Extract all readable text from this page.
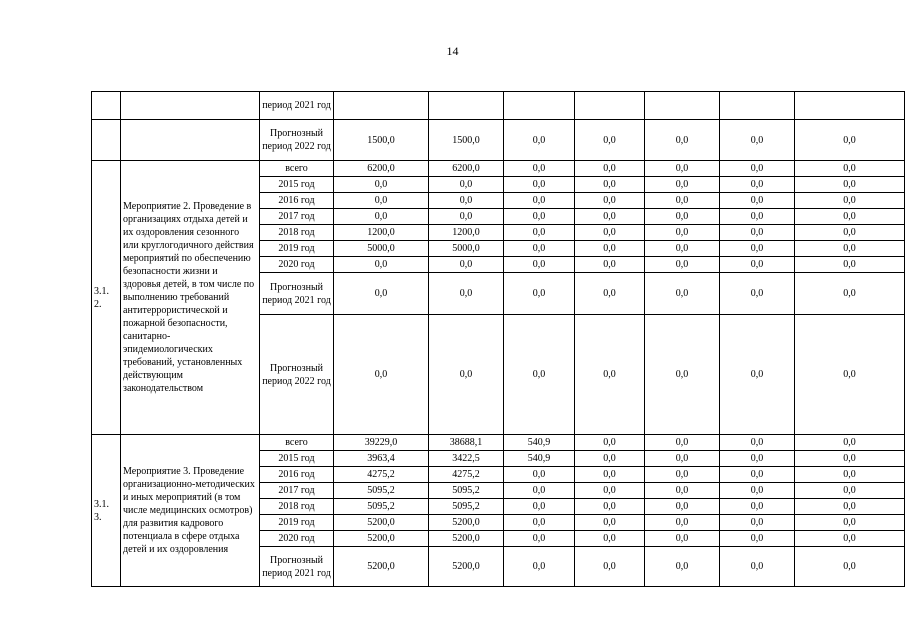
14
		период 2021 год							
		Прогнозный период 2022 год	1500,0	1500,0	0,0	0,0	0,0	0,0	0,0
3.1. 2.	Мероприятие 2. Проведение в организациях отдыха детей и их оздоровления сезонного или круглогодичного действия мероприятий по обеспечению безопасности жизни и здоровья детей, в том числе по выполнению требований антитеррористической и пожарной безопасности, санитарно-эпидемиологических требований, установленных действующим законодательством	всего	6200,0	6200,0	0,0	0,0	0,0	0,0	0,0
		2015 год	0,0	0,0	0,0	0,0	0,0	0,0	0,0
		2016 год	0,0	0,0	0,0	0,0	0,0	0,0	0,0
		2017 год	0,0	0,0	0,0	0,0	0,0	0,0	0,0
		2018 год	1200,0	1200,0	0,0	0,0	0,0	0,0	0,0
		2019 год	5000,0	5000,0	0,0	0,0	0,0	0,0	0,0
		2020 год	0,0	0,0	0,0	0,0	0,0	0,0	0,0
		Прогнозный период 2021 год	0,0	0,0	0,0	0,0	0,0	0,0	0,0
		Прогнозный период 2022 год	0,0	0,0	0,0	0,0	0,0	0,0	0,0
3.1. 3.	Мероприятие 3. Проведение организационно-методических и иных мероприятий (в том числе медицинских осмотров) для развития кадрового потенциала в сфере отдыха детей и их оздоровления	всего	39229,0	38688,1	540,9	0,0	0,0	0,0	0,0
		2015 год	3963,4	3422,5	540,9	0,0	0,0	0,0	0,0
		2016 год	4275,2	4275,2	0,0	0,0	0,0	0,0	0,0
		2017 год	5095,2	5095,2	0,0	0,0	0,0	0,0	0,0
		2018 год	5095,2	5095,2	0,0	0,0	0,0	0,0	0,0
		2019 год	5200,0	5200,0	0,0	0,0	0,0	0,0	0,0
		2020 год	5200,0	5200,0	0,0	0,0	0,0	0,0	0,0
		Прогнозный период 2021 год	5200,0	5200,0	0,0	0,0	0,0	0,0	0,0
